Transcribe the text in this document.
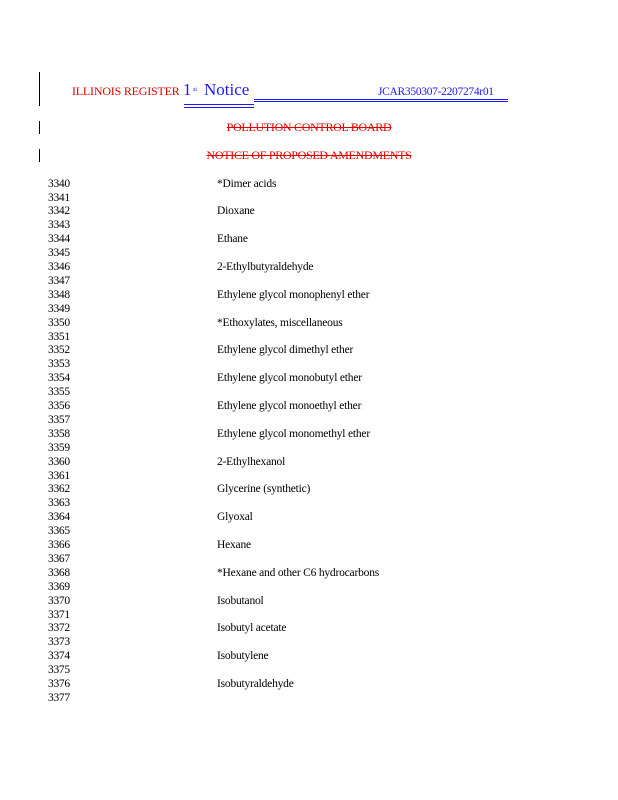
ILLINOIS REGISTER 1 st Notice	JCAR350307-2207274r01
POLLUTION CONTROL BOARD
NOTICE OF PROPOSED AMENDMENTS
3340
3341
3342
3343
3344
3345
3346
3347
3348
3349
3350
3351
3352
3353
3354
3355
3356
3357
3358
3359
3360
3361
3362
3363
3364
3365
3366
3367
3368
3369
3370
3371
3372
3373
3374
3375
3376
3377
*Dimer acids
Dioxane
Ethane
2-Ethylbutyraldehyde
Ethylene glycol monophenyl ether
*Ethoxylates, miscellaneous
Ethylene glycol dimethyl ether
Ethylene glycol monobutyl ether
Ethylene glycol monoethyl ether
Ethylene glycol monomethyl ether
2-Ethylhexanol
Glycerine (synthetic)
Glyoxal
Hexane
*Hexane and other C6 hydrocarbons
Isobutanol
Isobutyl acetate
Isobutylene
Isobutyraldehyde
